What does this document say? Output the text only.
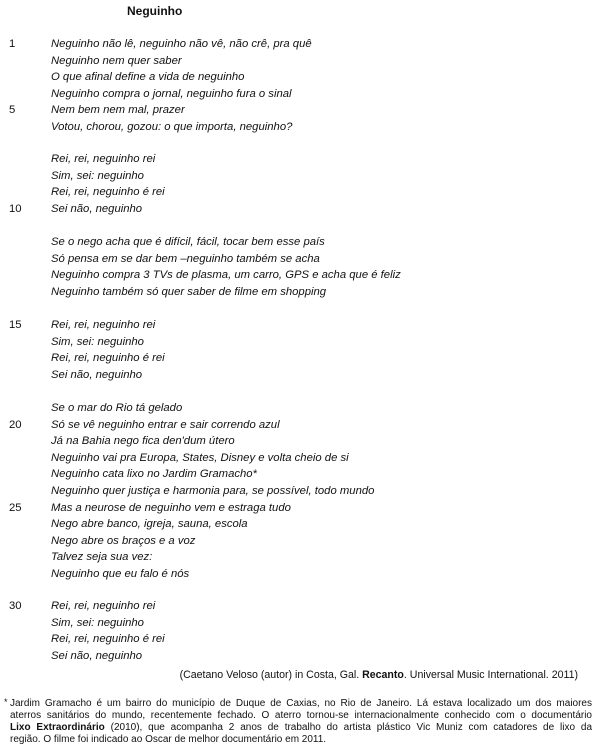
Neguinho
1	Neguinho não lê, neguinho não vê, não crê, pra quê
Neguinho nem quer saber
O que afinal define a vida de neguinho
Neguinho compra o jornal, neguinho fura o sinal
5	Nem bem nem mal, prazer
Votou, chorou, gozou: o que importa, neguinho?
Rei, rei, neguinho rei
Sim, sei: neguinho
Rei, rei, neguinho é rei
10	Sei não, neguinho
Se o nego acha que é difícil, fácil, tocar bem esse país
Só pensa em se dar bem –neguinho também se acha
Neguinho compra 3 TVs de plasma, um carro, GPS e acha que é feliz
Neguinho também só quer saber de filme em shopping
15	Rei, rei, neguinho rei
Sim, sei: neguinho
Rei, rei, neguinho é rei
Sei não, neguinho
Se o mar do Rio tá gelado
20	Só se vê neguinho entrar e sair correndo azul
Já na Bahia nego fica den'dum útero
Neguinho vai pra Europa, States, Disney e volta cheio de si
Neguinho cata lixo no Jardim Gramacho*
Neguinho quer justiça e harmonia para, se possível, todo mundo
25	Mas a neurose de neguinho vem e estraga tudo
Nego abre banco, igreja, sauna, escola
Nego abre os braços e a voz
Talvez seja sua vez:
Neguinho que eu falo é nós
30	Rei, rei, neguinho rei
Sim, sei: neguinho
Rei, rei, neguinho é rei
Sei não, neguinho
(Caetano Veloso (autor) in Costa, Gal. Recanto. Universal Music International. 2011)
* Jardim Gramacho é um bairro do município de Duque de Caxias, no Rio de Janeiro. Lá estava localizado um dos maiores
aterros sanitários do mundo, recentemente fechado. O aterro tornou-se internacionalmente conhecido com o documentário
Lixo Extraordinário (2010), que acompanha 2 anos de trabalho do artista plástico Vic Muniz com catadores de lixo da
região. O filme foi indicado ao Oscar de melhor documentário em 2011.
